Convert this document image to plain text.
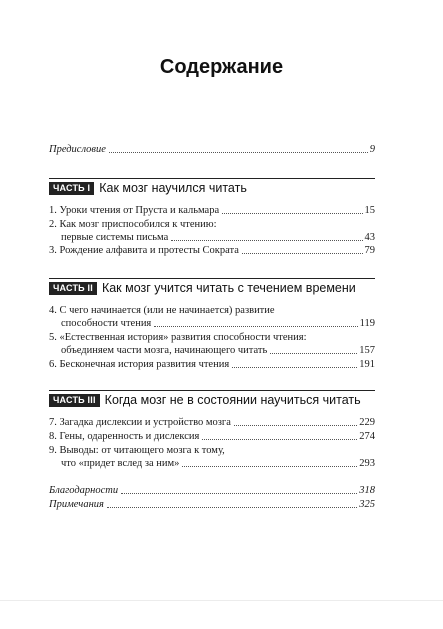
Содержание
Предисловие	9
ЧАСТЬ I Как мозг научился читать
1. Уроки чтения от Пруста и кальмара	15
2. Как мозг приспособился к чтению:
первые системы письма	43
3. Рождение алфавита и протесты Сократа	79
ЧАСТЬ II Как мозг учится читать с течением времени
4. С чего начинается (или не начинается) развитие
способности чтения	119
5. «Естественная история» развития способности чтения:
объединяем части мозга, начинающего читать	157
6. Бесконечная история развития чтения	191
ЧАСТЬ III Когда мозг не в состоянии научиться читать
7. Загадка дислексии и устройство мозга	229
8. Гены, одаренность и дислексия	274
9. Выводы: от читающего мозга к тому,
что «придет вслед за ним»	293
Благодарности	318
Примечания	325
